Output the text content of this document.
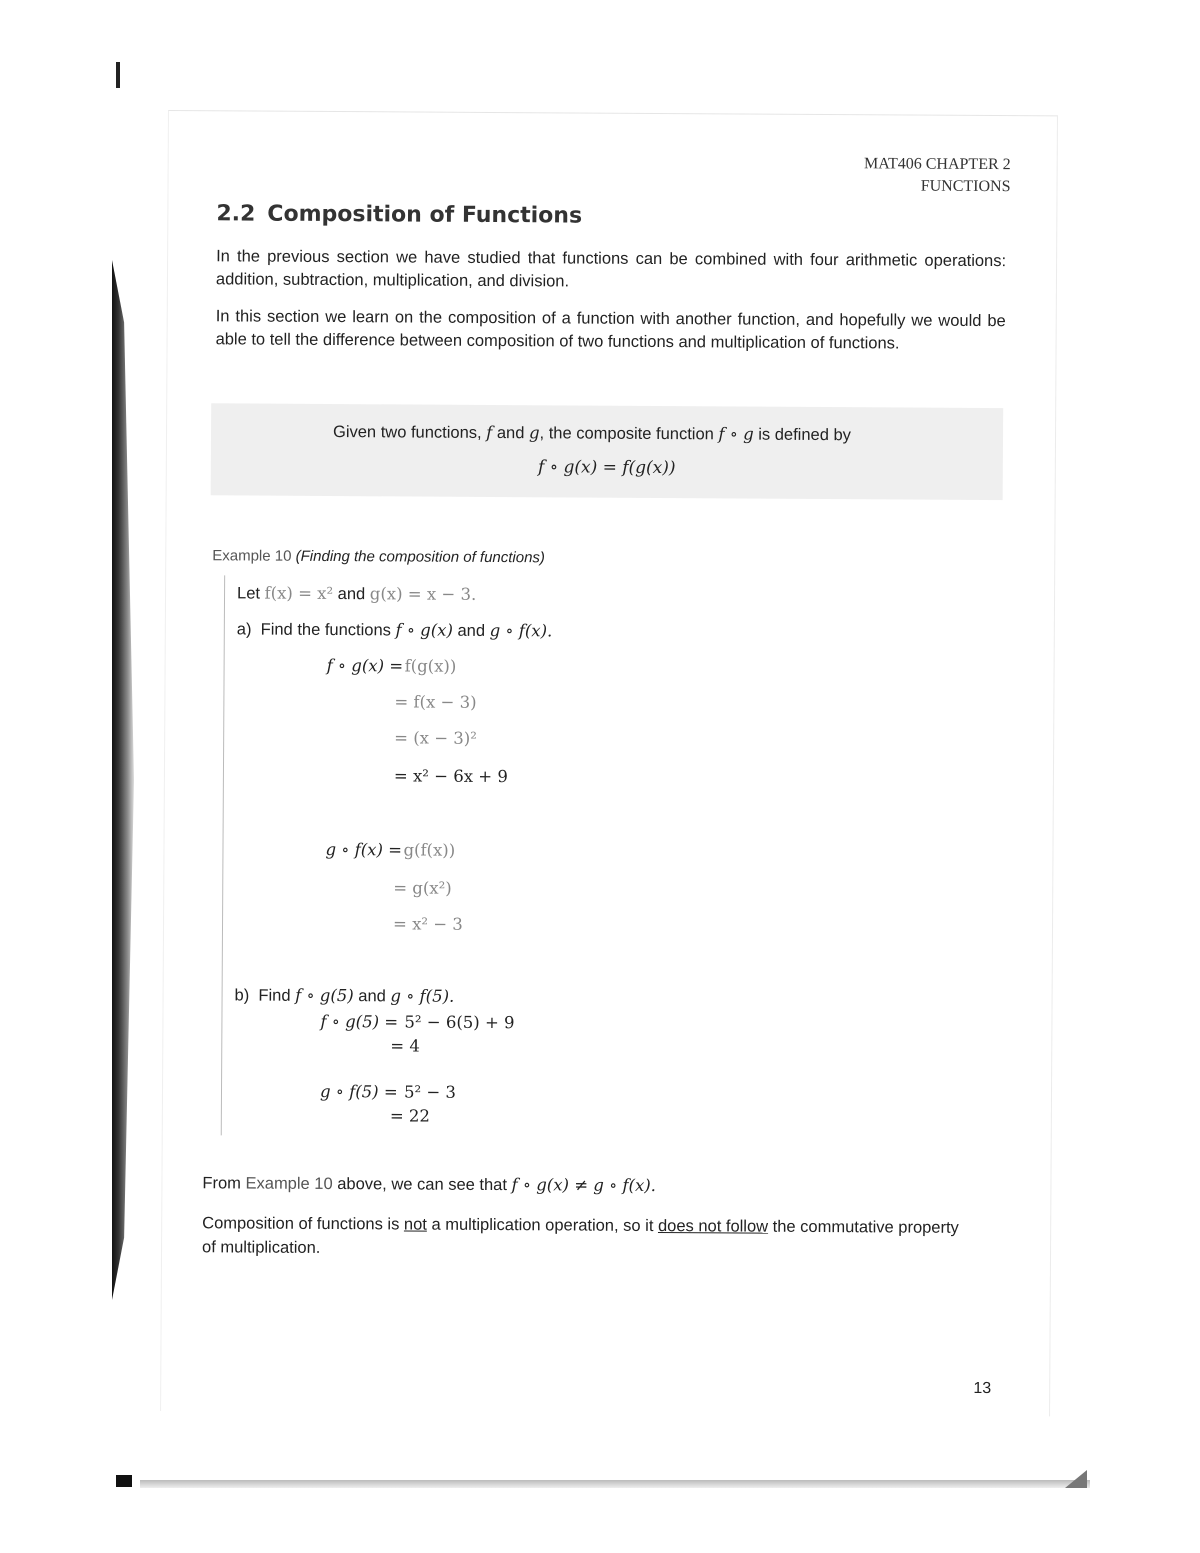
MAT406 CHAPTER 2
FUNCTIONS
2.2 Composition of Functions
In the previous section we have studied that functions can be combined with four arithmetic operations: addition, subtraction, multiplication, and division.
In this section we learn on the composition of a function with another function, and hopefully we would be able to tell the difference between composition of two functions and multiplication of functions.
Given two functions, f and g, the composite function f ∘ g is defined by
f ∘ g(x) = f(g(x))
Example 10 (Finding the composition of functions)
Let f(x) = x² and g(x) = x − 3.
a) Find the functions f ∘ g(x) and g ∘ f(x).
f ∘ g(x) = f(g(x))
= f(x − 3)
= (x − 3)²
= x² − 6x + 9
g ∘ f(x) = g(f(x))
= g(x²)
= x² − 3
b) Find f ∘ g(5) and g ∘ f(5).
f ∘ g(5) = 5² − 6(5) + 9
= 4
g ∘ f(5) = 5² − 3
= 22
From Example 10 above, we can see that f ∘ g(x) ≠ g ∘ f(x).
Composition of functions is not a multiplication operation, so it does not follow the commutative property of multiplication.
13
